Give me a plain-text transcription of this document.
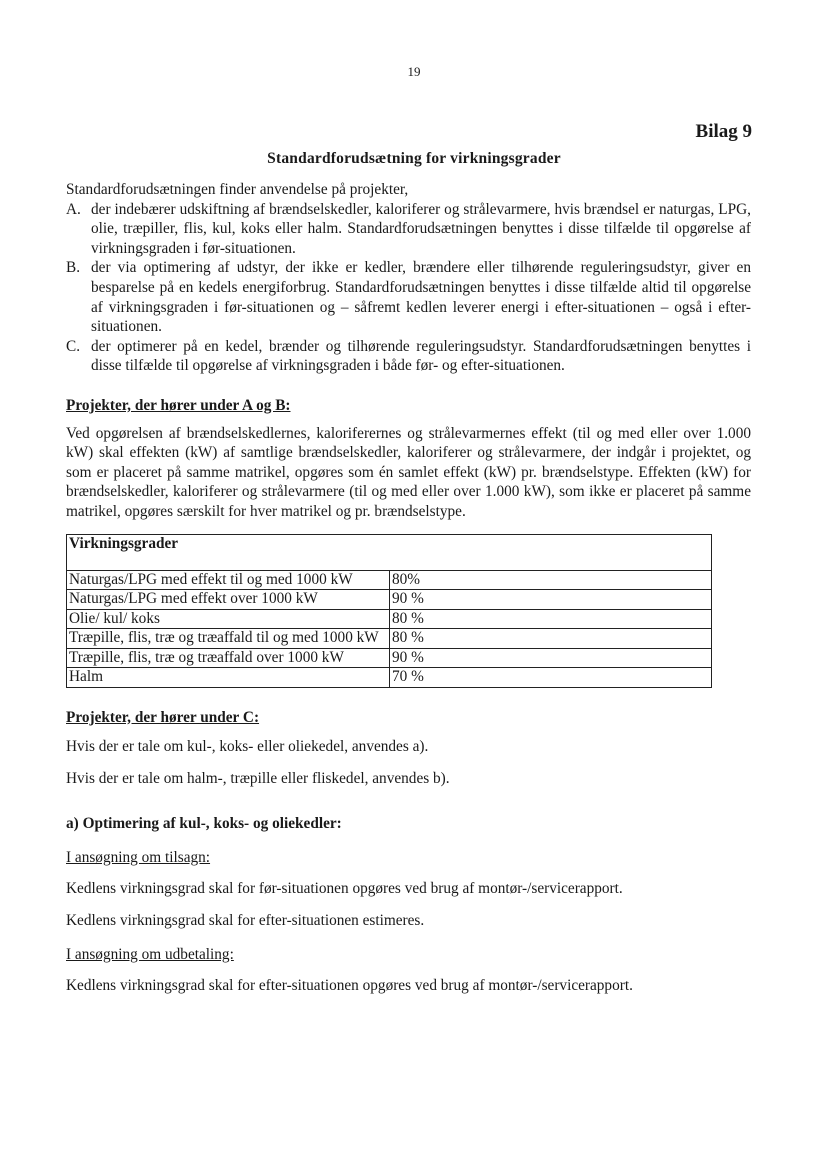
19
Bilag 9
Standardforudsætning for virkningsgrader

Standardforudsætningen finder anvendelse på projekter,

A. der indebærer udskiftning af brændselskedler, kaloriferer og strålevarmere, hvis brændsel er naturgas, LPG, olie, træpiller, flis, kul, koks eller halm. Standardforudsætningen benyttes i disse tilfælde til opgørelse af virkningsgraden i før-situationen.
B. der via optimering af udstyr, der ikke er kedler, brændere eller tilhørende reguleringsudstyr, giver en besparelse på en kedels energiforbrug. Standardforudsætningen benyttes i disse tilfælde altid til opgørelse af virkningsgraden i før-situationen og – såfremt kedlen leverer energi i efter-situationen – også i efter-situationen.
C. der optimerer på en kedel, brænder og tilhørende reguleringsudstyr. Standardforudsætningen benyttes i disse tilfælde til opgørelse af virkningsgraden i både før- og efter-situationen.
Projekter, der hører under A og B:

Ved opgørelsen af brændselskedlernes, kaloriferernes og strålevarmernes effekt (til og med eller over 1.000 kW) skal effekten (kW) af samtlige brændselskedler, kaloriferer og strålevarmere, der indgår i projektet, og som er placeret på samme matrikel, opgøres som én samlet effekt (kW) pr. brændselstype. Effekten (kW) for brændselskedler, kaloriferer og strålevarmere (til og med eller over 1.000 kW), som ikke er placeret på samme matrikel, opgøres særskilt for hver matrikel og pr. brændselstype.

Virkningsgrader	
Naturgas/LPG med effekt til og med 1000 kW	80%
Naturgas/LPG med effekt over 1000 kW	90 %
Olie/ kul/ koks	80 %
Træpille, flis, træ og træaffald til og med 1000 kW	80 %
Træpille, flis, træ og træaffald over 1000 kW	90 %
Halm	70 %
Projekter, der hører under C:

Hvis der er tale om kul-, koks- eller oliekedel, anvendes a).

Hvis der er tale om halm-, træpille eller fliskedel, anvendes b).

a) Optimering af kul-, koks- og oliekedler:

I ansøgning om tilsagn:

Kedlens virkningsgrad skal for før-situationen opgøres ved brug af montør-/servicerapport.

Kedlens virkningsgrad skal for efter-situationen estimeres.

I ansøgning om udbetaling:

Kedlens virkningsgrad skal for efter-situationen opgøres ved brug af montør-/servicerapport.
